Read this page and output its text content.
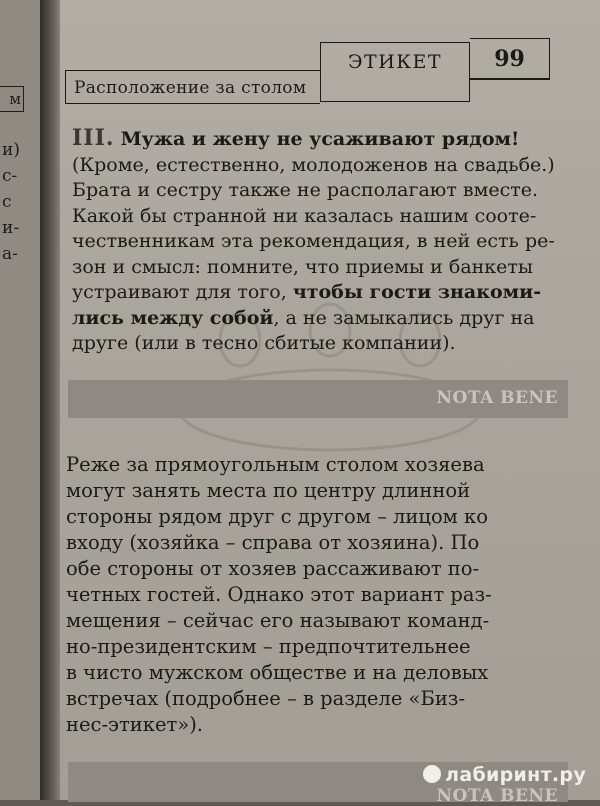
м
и)
с-
с
и-
а-
Расположение за столом
ЭТИКЕТ	99
III. Мужа и жену не усаживают рядом!
(Кроме, естественно, молодоженов на свадьбе.)
Брата и сестру также не располагают вместе.
Какой бы странной ни казалась нашим соотe-
чественникам эта рекомендация, в ней есть ре-
зон и смысл: помните, что приемы и банкеты
устраивают для того, чтобы гости знакоми-
лись между собой, а не замыкались друг на
друге (или в тесно сбитые компании).
NOTA BENE
Реже за прямоугольным столом хозяева
могут занять места по центру длинной
стороны рядом друг с другом – лицом ко
входу (хозяйка – справа от хозяина). По
обе стороны от хозяев рассаживают по-
четных гостей. Однако этот вариант раз-
мещения – сейчас его называют команд-
но-президентским – предпочтительнее
в чисто мужском обществе и на деловых
встречах (подробнее – в разделе «Биз-
нес-этикет»).
NOTA BENE
лабиринт.ру
